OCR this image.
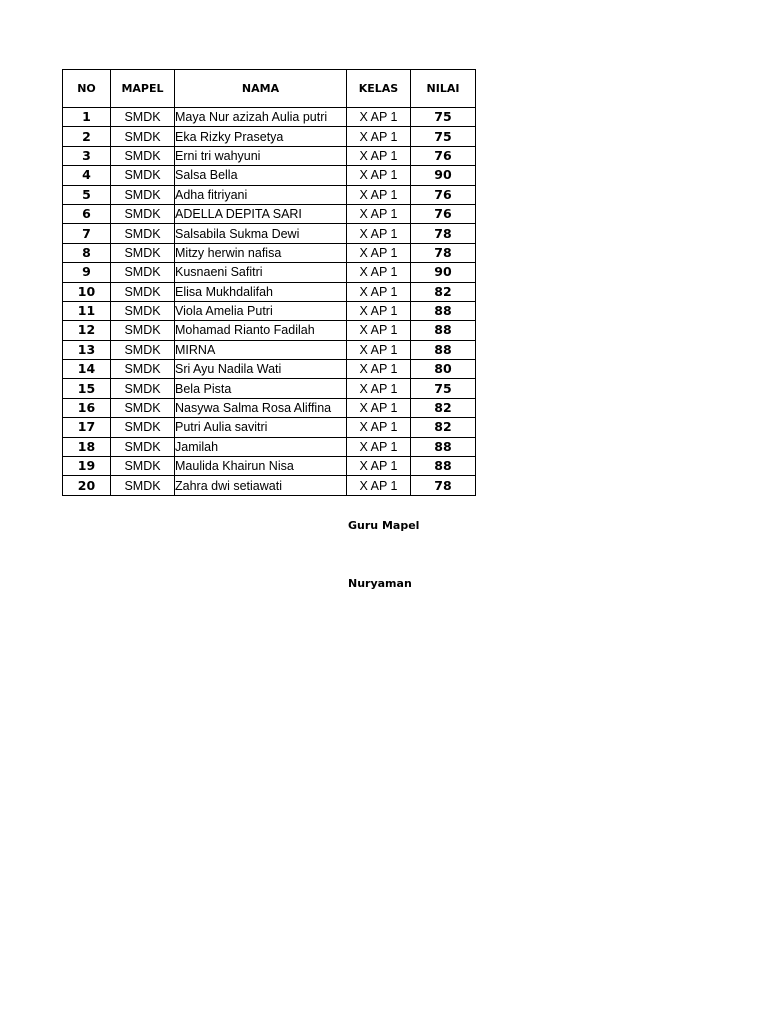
NO	MAPEL	NAMA	KELAS	NILAI
1	SMDK	Maya Nur azizah Aulia putri	X AP 1	75
2	SMDK	Eka Rizky Prasetya	X AP 1	75
3	SMDK	Erni tri wahyuni	X AP 1	76
4	SMDK	Salsa Bella	X AP 1	90
5	SMDK	Adha fitriyani	X AP 1	76
6	SMDK	ADELLA DEPITA SARI	X AP 1	76
7	SMDK	Salsabila Sukma Dewi	X AP 1	78
8	SMDK	Mitzy herwin nafisa	X AP 1	78
9	SMDK	Kusnaeni Safitri	X AP 1	90
10	SMDK	Elisa Mukhdalifah	X AP 1	82
11	SMDK	Viola Amelia Putri	X AP 1	88
12	SMDK	Mohamad Rianto Fadilah	X AP 1	88
13	SMDK	MIRNA	X AP 1	88
14	SMDK	Sri Ayu Nadila Wati	X AP 1	80
15	SMDK	Bela Pista	X AP 1	75
16	SMDK	Nasywa Salma Rosa Aliffina	X AP 1	82
17	SMDK	Putri Aulia savitri	X AP 1	82
18	SMDK	Jamilah	X AP 1	88
19	SMDK	Maulida Khairun Nisa	X AP 1	88
20	SMDK	Zahra dwi setiawati	X AP 1	78
Guru Mapel
Nuryaman
